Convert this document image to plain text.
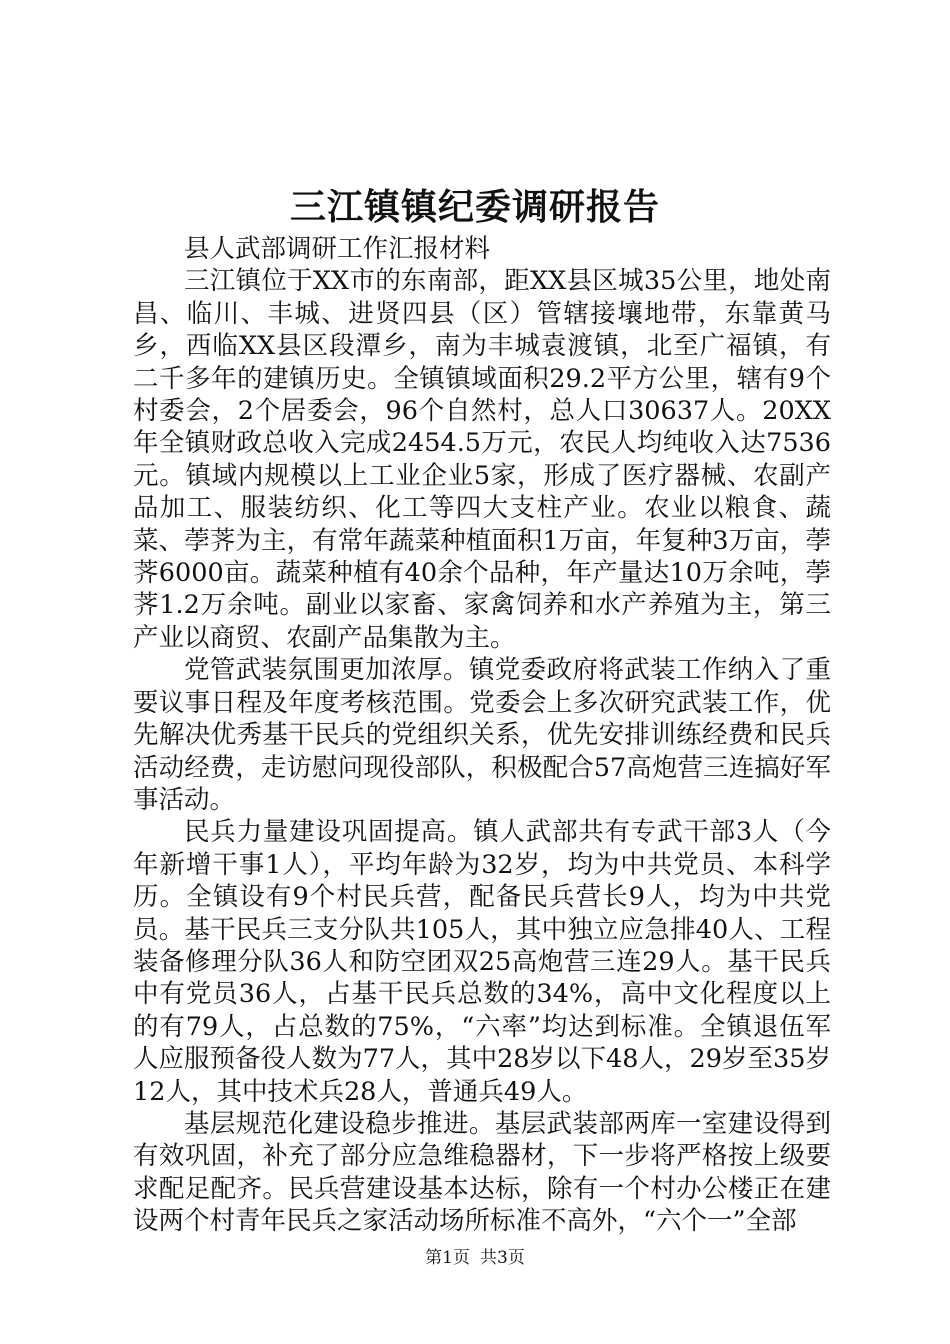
三江镇镇纪委调研报告

县人武部调研工作汇报材料

三江镇位于XX市的东南部，距XX县区城35公里，地处南昌、临川、丰城、进贤四县（区）管辖接壤地带，东靠黄马乡，西临XX县区段潭乡，南为丰城袁渡镇，北至广福镇，有二千多年的建镇历史。全镇镇域面积29.2平方公里，辖有9个村委会，2个居委会，96个自然村，总人口30637人。20XX年全镇财政总收入完成2454.5万元，农民人均纯收入达7536元。镇域内规模以上工业企业5家，形成了医疗器械、农副产品加工、服装纺织、化工等四大支柱产业。农业以粮食、蔬菜、荸荠为主，有常年蔬菜种植面积1万亩，年复种3万亩，荸荠6000亩。蔬菜种植有40余个品种，年产量达10万余吨，荸荠1.2万余吨。副业以家畜、家禽饲养和水产养殖为主，第三产业以商贸、农副产品集散为主。

党管武装氛围更加浓厚。镇党委政府将武装工作纳入了重要议事日程及年度考核范围。党委会上多次研究武装工作，优先解决优秀基干民兵的党组织关系，优先安排训练经费和民兵活动经费，走访慰问现役部队，积极配合57高炮营三连搞好军事活动。

民兵力量建设巩固提高。镇人武部共有专武干部3人（今年新增干事1人），平均年龄为32岁，均为中共党员、本科学历。全镇设有9个村民兵营，配备民兵营长9人，均为中共党员。基干民兵三支分队共105人，其中独立应急排40人、工程装备修理分队36人和防空团双25高炮营三连29人。基干民兵中有党员36人，占基干民兵总数的34%，高中文化程度以上的有79人，占总数的75%，“六率”均达到标准。全镇退伍军人应服预备役人数为77人，其中28岁以下48人，29岁至35岁12人，其中技术兵28人，普通兵49人。

基层规范化建设稳步推进。基层武装部两库一室建设得到有效巩固，补充了部分应急维稳器材，下一步将严格按上级要求配足配齐。民兵营建设基本达标，除有一个村办公楼正在建设两个村青年民兵之家活动场所标准不高外，“六个一”全部

第1页 共3页
